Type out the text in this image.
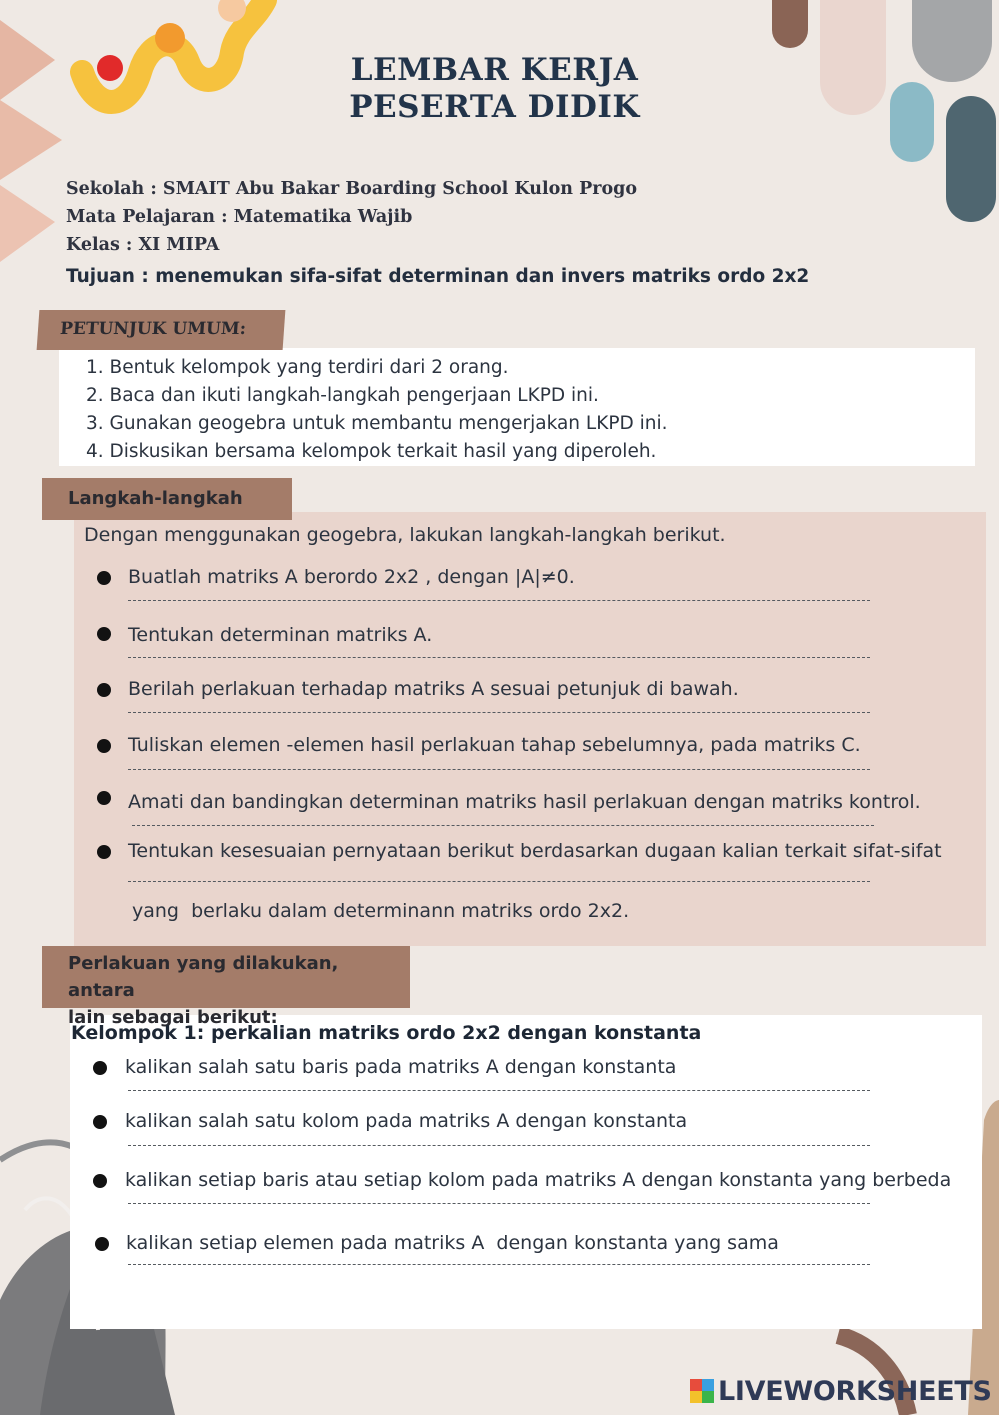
LEMBAR KERJA
PESERTA DIDIK
Sekolah : SMAIT Abu Bakar Boarding School Kulon Progo
Mata Pelajaran : Matematika Wajib
Kelas : XI MIPA
Tujuan : menemukan sifa-sifat determinan dan invers matriks ordo 2x2
PETUNJUK UMUM:
1. Bentuk kelompok yang terdiri dari 2 orang.
2. Baca dan ikuti langkah-langkah pengerjaan LKPD ini.
3. Gunakan geogebra untuk membantu mengerjakan LKPD ini.
4. Diskusikan bersama kelompok terkait hasil yang diperoleh.
Langkah-langkah
Dengan menggunakan geogebra, lakukan langkah-langkah berikut.
Buatlah matriks A berordo 2x2 , dengan |A|≠0.
Tentukan determinan matriks A.
Berilah perlakuan terhadap matriks A sesuai petunjuk di bawah.
Tuliskan elemen -elemen hasil perlakuan tahap sebelumnya, pada matriks C.
Amati dan bandingkan determinan matriks hasil perlakuan dengan matriks kontrol.
Tentukan kesesuaian pernyataan berikut berdasarkan dugaan kalian terkait sifat-sifat
yang  berlaku dalam determinann matriks ordo 2x2.
Perlakuan yang dilakukan, antara
lain sebagai berikut:
Kelompok 1: perkalian matriks ordo 2x2 dengan konstanta
kalikan salah satu baris pada matriks A dengan konstanta
kalikan salah satu kolom pada matriks A dengan konstanta
kalikan setiap baris atau setiap kolom pada matriks A dengan konstanta yang berbeda
kalikan setiap elemen pada matriks A  dengan konstanta yang sama
LIVEWORKSHEETS
